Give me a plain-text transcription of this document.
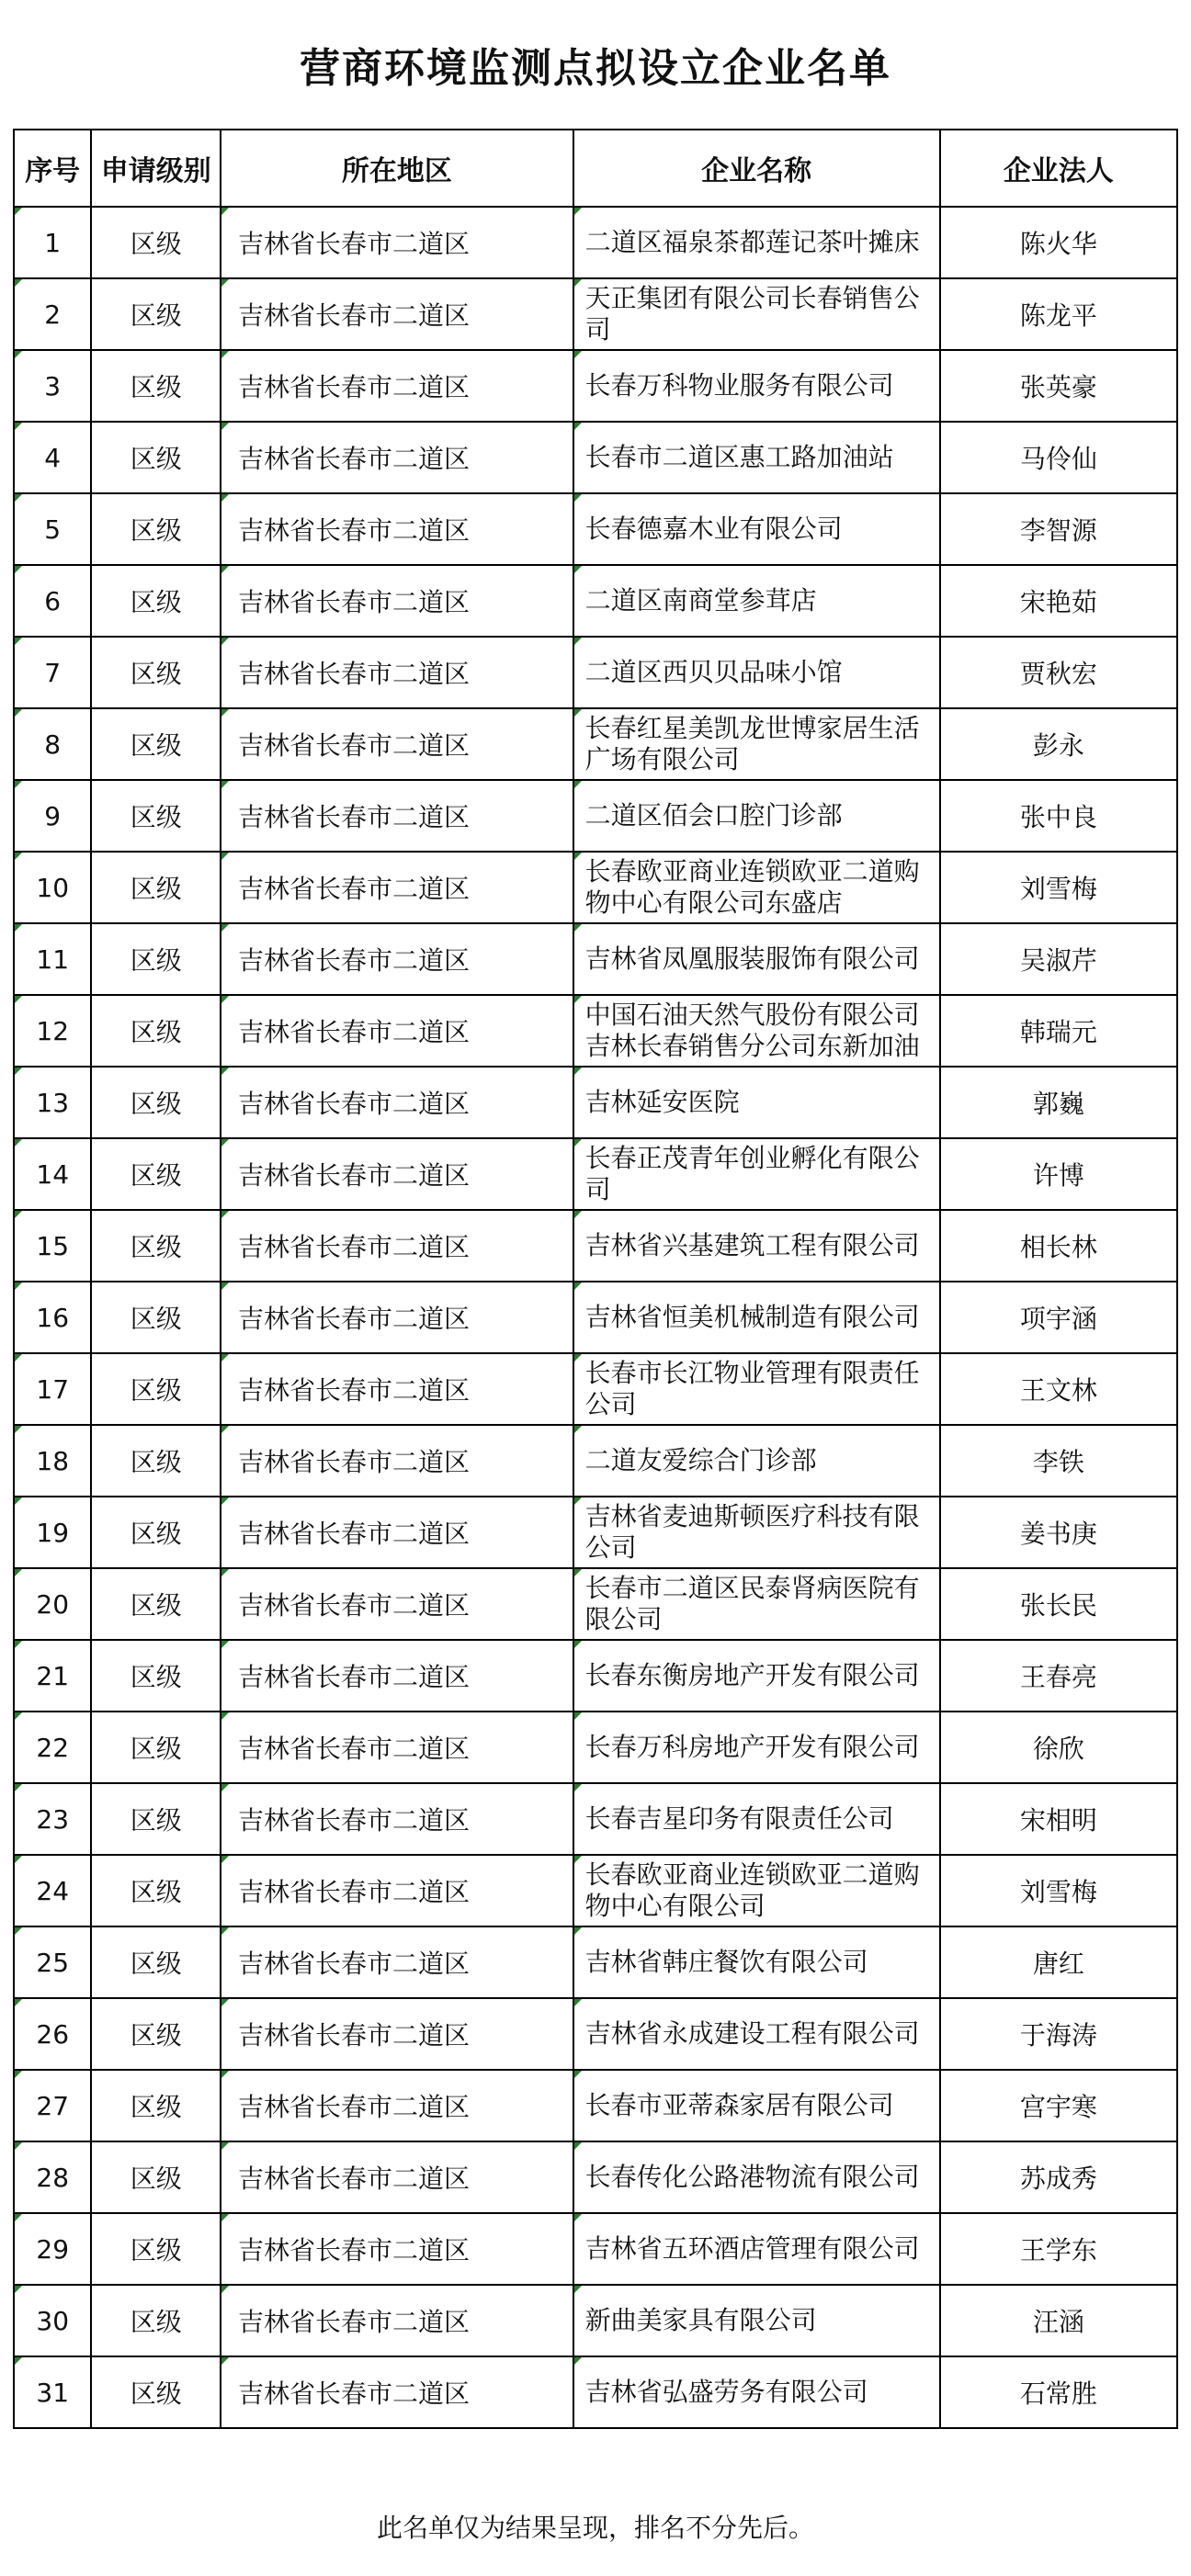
营商环境监测点拟设立企业名单
序号	申请级别	所在地区	企业名称	企业法人
1	区级	吉林省长春市二道区	二道区福泉茶都莲记茶叶摊床	陈火华
2	区级	吉林省长春市二道区	天正集团有限公司长春销售公司	陈龙平
3	区级	吉林省长春市二道区	长春万科物业服务有限公司	张英豪
4	区级	吉林省长春市二道区	长春市二道区惠工路加油站	马伶仙
5	区级	吉林省长春市二道区	长春德嘉木业有限公司	李智源
6	区级	吉林省长春市二道区	二道区南商堂参茸店	宋艳茹
7	区级	吉林省长春市二道区	二道区西贝贝品味小馆	贾秋宏
8	区级	吉林省长春市二道区	长春红星美凯龙世博家居生活广场有限公司	彭永
9	区级	吉林省长春市二道区	二道区佰会口腔门诊部	张中良
10	区级	吉林省长春市二道区	长春欧亚商业连锁欧亚二道购物中心有限公司东盛店	刘雪梅
11	区级	吉林省长春市二道区	吉林省凤凰服装服饰有限公司	吴淑芹
12	区级	吉林省长春市二道区	中国石油天然气股份有限公司吉林长春销售分公司东新加油	韩瑞元
13	区级	吉林省长春市二道区	吉林延安医院	郭巍
14	区级	吉林省长春市二道区	长春正茂青年创业孵化有限公司	许博
15	区级	吉林省长春市二道区	吉林省兴基建筑工程有限公司	相长林
16	区级	吉林省长春市二道区	吉林省恒美机械制造有限公司	项宇涵
17	区级	吉林省长春市二道区	长春市长江物业管理有限责任公司	王文林
18	区级	吉林省长春市二道区	二道友爱综合门诊部	李铁
19	区级	吉林省长春市二道区	吉林省麦迪斯顿医疗科技有限公司	姜书庚
20	区级	吉林省长春市二道区	长春市二道区民泰肾病医院有限公司	张长民
21	区级	吉林省长春市二道区	长春东衡房地产开发有限公司	王春亮
22	区级	吉林省长春市二道区	长春万科房地产开发有限公司	徐欣
23	区级	吉林省长春市二道区	长春吉星印务有限责任公司	宋相明
24	区级	吉林省长春市二道区	长春欧亚商业连锁欧亚二道购物中心有限公司	刘雪梅
25	区级	吉林省长春市二道区	吉林省韩庄餐饮有限公司	唐红
26	区级	吉林省长春市二道区	吉林省永成建设工程有限公司	于海涛
27	区级	吉林省长春市二道区	长春市亚蒂森家居有限公司	宫宇寒
28	区级	吉林省长春市二道区	长春传化公路港物流有限公司	苏成秀
29	区级	吉林省长春市二道区	吉林省五环酒店管理有限公司	王学东
30	区级	吉林省长春市二道区	新曲美家具有限公司	汪涵
31	区级	吉林省长春市二道区	吉林省弘盛劳务有限公司	石常胜
此名单仅为结果呈现，排名不分先后。
